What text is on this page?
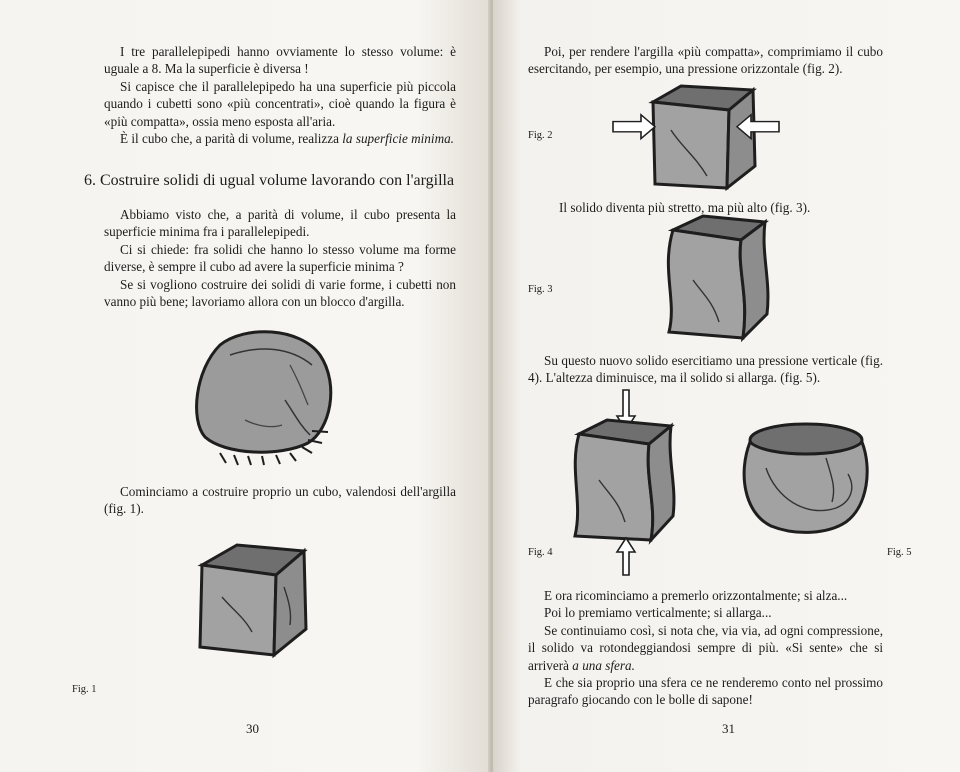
I tre parallelepipedi hanno ovviamente lo stesso volume: è uguale a 8. Ma la superficie è diversa !

Si capisce che il parallelepipedo ha una superficie più piccola quando i cubetti sono «più concentrati», cioè quando la figura è «più compatta», ossia meno esposta all'aria.

È il cubo che, a parità di volume, realizza la superficie minima.

6. Costruire solidi di ugual volume lavorando con l'argilla

Abbiamo visto che, a parità di volume, il cubo presenta la superficie minima fra i parallelepipedi.

Ci si chiede: fra solidi che hanno lo stesso volume ma forme diverse, è sempre il cubo ad avere la superficie minima ?

Se si vogliono costruire dei solidi di varie forme, i cubetti non vanno più bene; lavoriamo allora con un blocco d'argilla.

Cominciamo a costruire proprio un cubo, valendosi dell'argilla (fig. 1).

Fig. 1
30

Poi, per rendere l'argilla «più compatta», comprimiamo il cubo esercitando, per esempio, una pressione orizzontale (fig. 2).

Fig. 2

Il solido diventa più stretto, ma più alto (fig. 3).

Fig. 3

Su questo nuovo solido esercitiamo una pressione verticale (fig. 4). L'altezza diminuisce, ma il solido si allarga. (fig. 5).

Fig. 4	Fig. 5

E ora ricominciamo a premerlo orizzontalmente; si alza...

Poi lo premiamo verticalmente; si allarga...

Se continuiamo così, si nota che, via via, ad ogni compressione, il solido va rotondeggiandosi sempre di più. «Si sente» che si arriverà a una sfera.

E che sia proprio una sfera ce ne renderemo conto nel prossimo paragrafo giocando con le bolle di sapone!

31
